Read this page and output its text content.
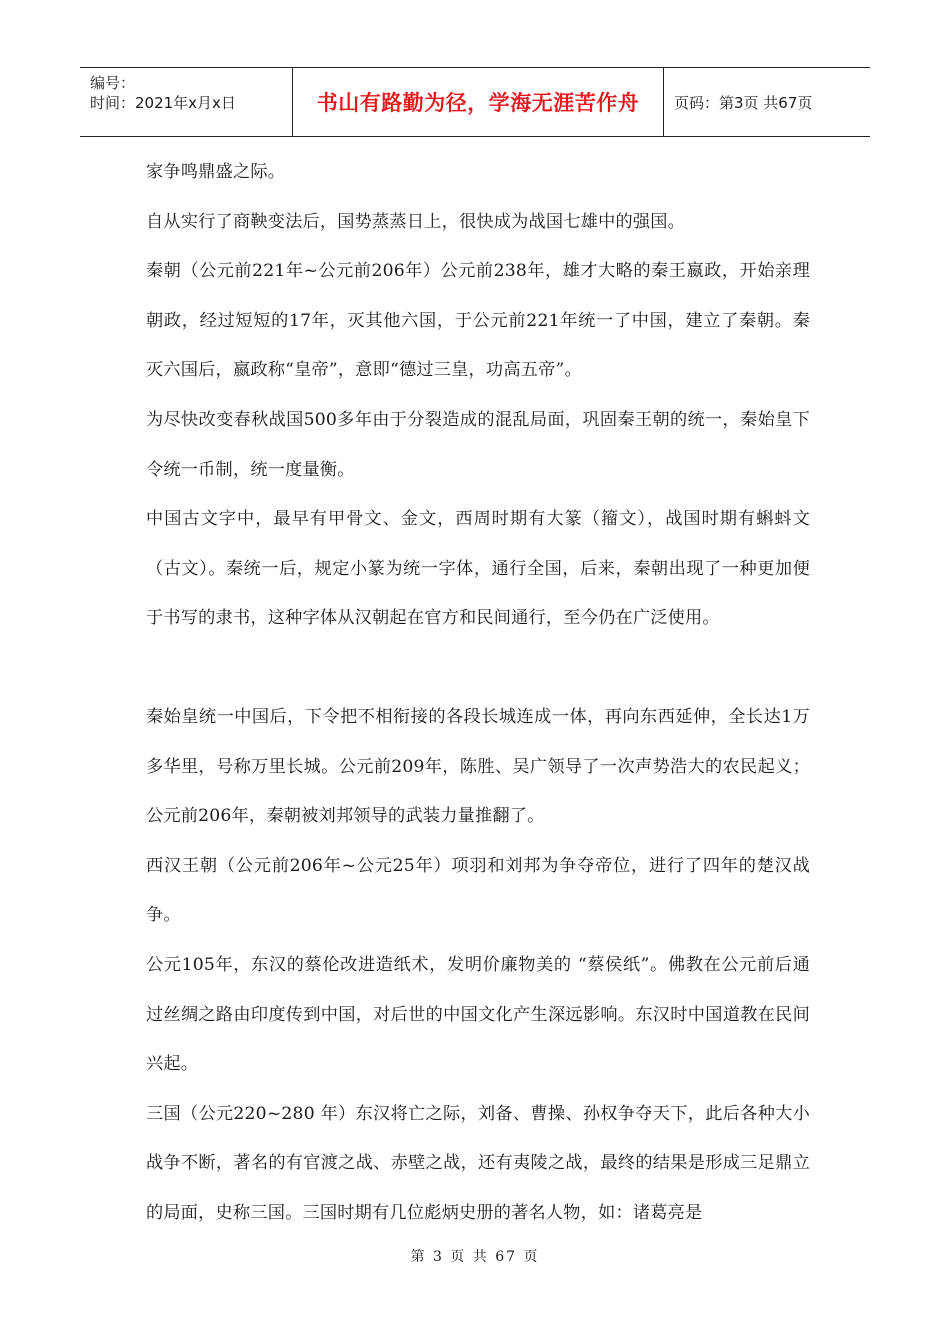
编号：
时间：2021年x月x日	书山有路勤为径，学海无涯苦作舟	页码：第3页 共67页

家争鸣鼎盛之际。

自从实行了商鞅变法后，国势蒸蒸日上，很快成为战国七雄中的强国。

秦朝（公元前221年~公元前206年）公元前238年，雄才大略的秦王嬴政，开始亲理朝政，经过短短的17年，灭其他六国，于公元前221年统一了中国，建立了秦朝。秦灭六国后，嬴政称“皇帝”，意即“德过三皇，功高五帝”。

为尽快改变春秋战国500多年由于分裂造成的混乱局面，巩固秦王朝的统一，秦始皇下令统一币制，统一度量衡。

中国古文字中，最早有甲骨文、金文，西周时期有大篆（籀文），战国时期有蝌蚪文（古文）。秦统一后，规定小篆为统一字体，通行全国，后来，秦朝出现了一种更加便于书写的隶书，这种字体从汉朝起在官方和民间通行，至今仍在广泛使用。

秦始皇统一中国后，下令把不相衔接的各段长城连成一体，再向东西延伸，全长达1万多华里，号称万里长城。公元前209年，陈胜、吴广领导了一次声势浩大的农民起义；公元前206年，秦朝被刘邦领导的武装力量推翻了。

西汉王朝（公元前206年~公元25年）项羽和刘邦为争夺帝位，进行了四年的楚汉战争。

公元105年，东汉的蔡伦改进造纸术，发明价廉物美的 “蔡侯纸”。佛教在公元前后通过丝绸之路由印度传到中国，对后世的中国文化产生深远影响。东汉时中国道教在民间兴起。

三国（公元220~280 年）东汉将亡之际，刘备、曹操、孙权争夺天下，此后各种大小战争不断，著名的有官渡之战、赤壁之战，还有夷陵之战，最终的结果是形成三足鼎立的局面，史称三国。三国时期有几位彪炳史册的著名人物，如：诸葛亮是

第 3 页 共 67 页
